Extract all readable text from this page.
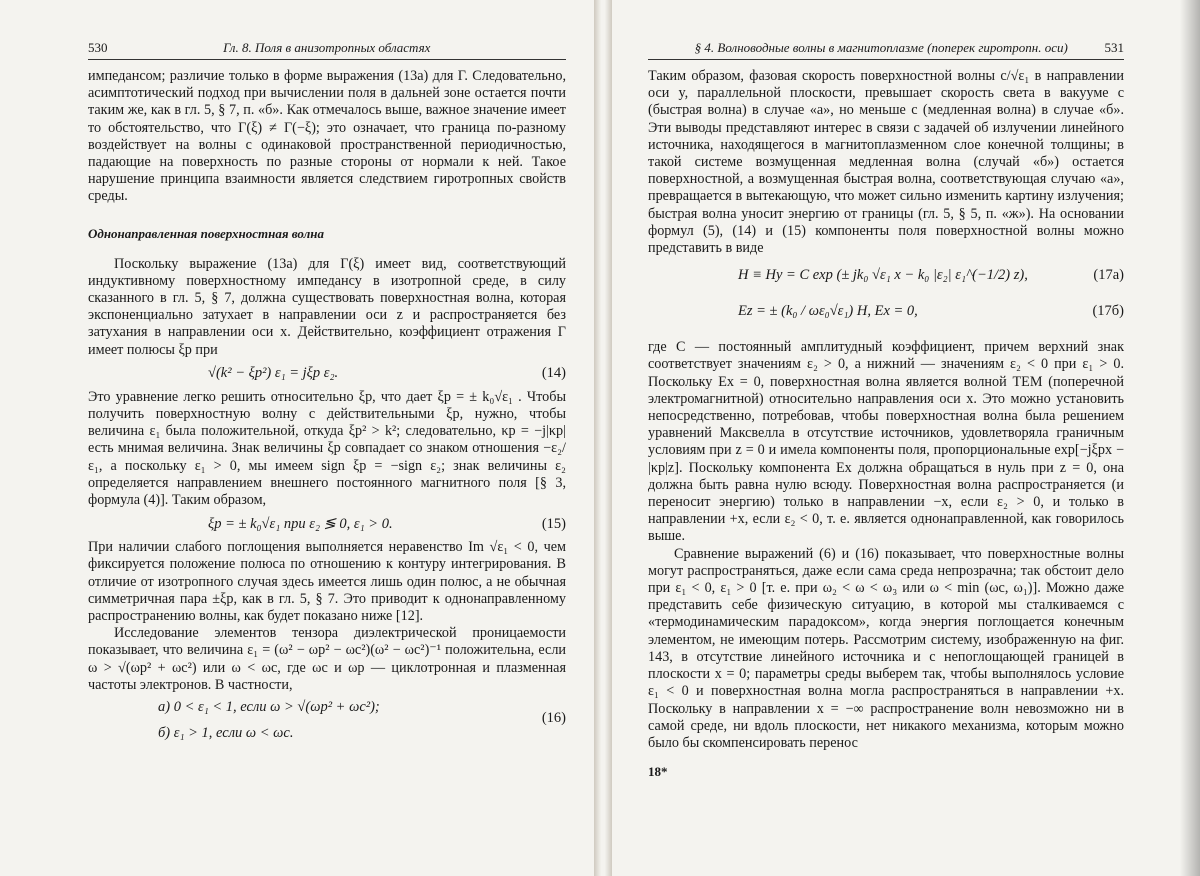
530	Гл. 8. Поля в анизотропных областях

импедансом; различие только в форме выражения (13а) для Г. Следовательно, асимптотический подход при вычислении поля в дальней зоне остается почти таким же, как в гл. 5, § 7, п. «б». Как отмечалось выше, важное значение имеет то обстоятельство, что Г(ξ) ≠ Г(−ξ); это означает, что граница по-разному воздействует на волны с одинаковой пространственной периодичностью, падающие на поверхность по разные стороны от нормали к ней. Такое нарушение принципа взаимности является следствием гиротропных свойств среды.

Однонаправленная поверхностная волна

Поскольку выражение (13а) для Г(ξ) имеет вид, соответствующий индуктивному поверхностному импедансу в изотропной среде, в силу сказанного в гл. 5, § 7, должна существовать поверхностная волна, которая экспоненциально затухает в направлении оси z и распространяется без затухания в направлении оси x. Действительно, коэффициент отражения Г имеет полюсы ξp при

√(k² − ξp²) ε₁ = jξp ε₂.	(14)

Это уравнение легко решить относительно ξp, что дает ξp = ± k₀√ε₁ . Чтобы получить поверхностную волну с действительными ξp, нужно, чтобы величина ε₁ была положительной, откуда ξp² > k²; следовательно, κp = −j|κp| есть мнимая величина. Знак величины ξp совпадает со знаком отношения −ε₂/ε₁, а поскольку ε₁ > 0, мы имеем sign ξp = −sign ε₂; знак величины ε₂ определяется направлением внешнего постоянного магнитного поля [§ 3, формула (4)]. Таким образом,

ξp = ± k₀√ε₁ при ε₂ ≶ 0, ε₁ > 0.	(15)

При наличии слабого поглощения выполняется неравенство Im √ε₁ < 0, чем фиксируется положение полюса по отношению к контуру интегрирования. В отличие от изотропного случая здесь имеется лишь один полюс, а не обычная симметричная пара ±ξp, как в гл. 5, § 7. Это приводит к однонаправленному распространению волны, как будет показано ниже [12].

Исследование элементов тензора диэлектрической проницаемости показывает, что величина ε₁ = (ω² − ωp² − ωc²)(ω² − ωc²)⁻¹ положительна, если ω > √(ωp² + ωc²) или ω < ωc, где ωc и ωp — циклотронная и плазменная частоты электронов. В частности,

а) 0 < ε₁ < 1, если ω > √(ωp² + ωc²);
б) ε₁ > 1, если ω < ωc.
(16)
§ 4. Волноводные волны в магнитоплазме (поперек гиротропн. оси)	531

Таким образом, фазовая скорость поверхностной волны c/√ε₁ в направлении оси y, параллельной плоскости, превышает скорость света в вакууме c (быстрая волна) в случае «а», но меньше c (медленная волна) в случае «б». Эти выводы представляют интерес в связи с задачей об излучении линейного источника, находящегося в магнитоплазменном слое конечной толщины; в такой системе возмущенная медленная волна (случай «б») остается поверхностной, а возмущенная быстрая волна, соответствующая случаю «а», превращается в вытекающую, что может сильно изменить картину излучения; быстрая волна уносит энергию от границы (гл. 5, § 5, п. «ж»). На основании формул (5), (14) и (15) компоненты поля поверхностной волны можно представить в виде

H ≡ Hy = C exp (± jk₀ √ε₁ x − k₀ |ε₂| ε₁^(−1/2) z),	(17а)
Ez = ± (k₀ / ωε₀√ε₁) H, Ex = 0,	(17б)

где C — постоянный амплитудный коэффициент, причем верхний знак соответствует значениям ε₂ > 0, а нижний — значениям ε₂ < 0 при ε₁ > 0. Поскольку Ex = 0, поверхностная волна является волной TEM (поперечной электромагнитной) относительно направления оси x. Это можно установить непосредственно, потребовав, чтобы поверхностная волна была решением уравнений Максвелла в отсутствие источников, удовлетворяла граничным условиям при z = 0 и имела компоненты поля, пропорциональные exp[−jξpx − |κp|z]. Поскольку компонента Ex должна обращаться в нуль при z = 0, она должна быть равна нулю всюду. Поверхностная волна распространяется (и переносит энергию) только в направлении −x, если ε₂ > 0, и только в направлении +x, если ε₂ < 0, т. е. является однонаправленной, как говорилось выше.

Сравнение выражений (6) и (16) показывает, что поверхностные волны могут распространяться, даже если сама среда непрозрачна; так обстоит дело при ε₁ < 0, ε₁ > 0 [т. е. при ω₂ < ω < ω₃ или ω < min (ωc, ω₁)]. Можно даже представить себе физическую ситуацию, в которой мы сталкиваемся с «термодинамическим парадоксом», когда энергия поглощается конечным элементом, не имеющим потерь. Рассмотрим систему, изображенную на фиг. 143, в отсутствие линейного источника и с непоглощающей границей в плоскости x = 0; параметры среды выберем так, чтобы выполнялось условие ε₁ < 0 и поверхностная волна могла распространяться в направлении +x. Поскольку в направлении x = −∞ распространение волн невозможно ни в самой среде, ни вдоль плоскости, нет никакого механизма, которым можно было бы скомпенсировать перенос

18*
